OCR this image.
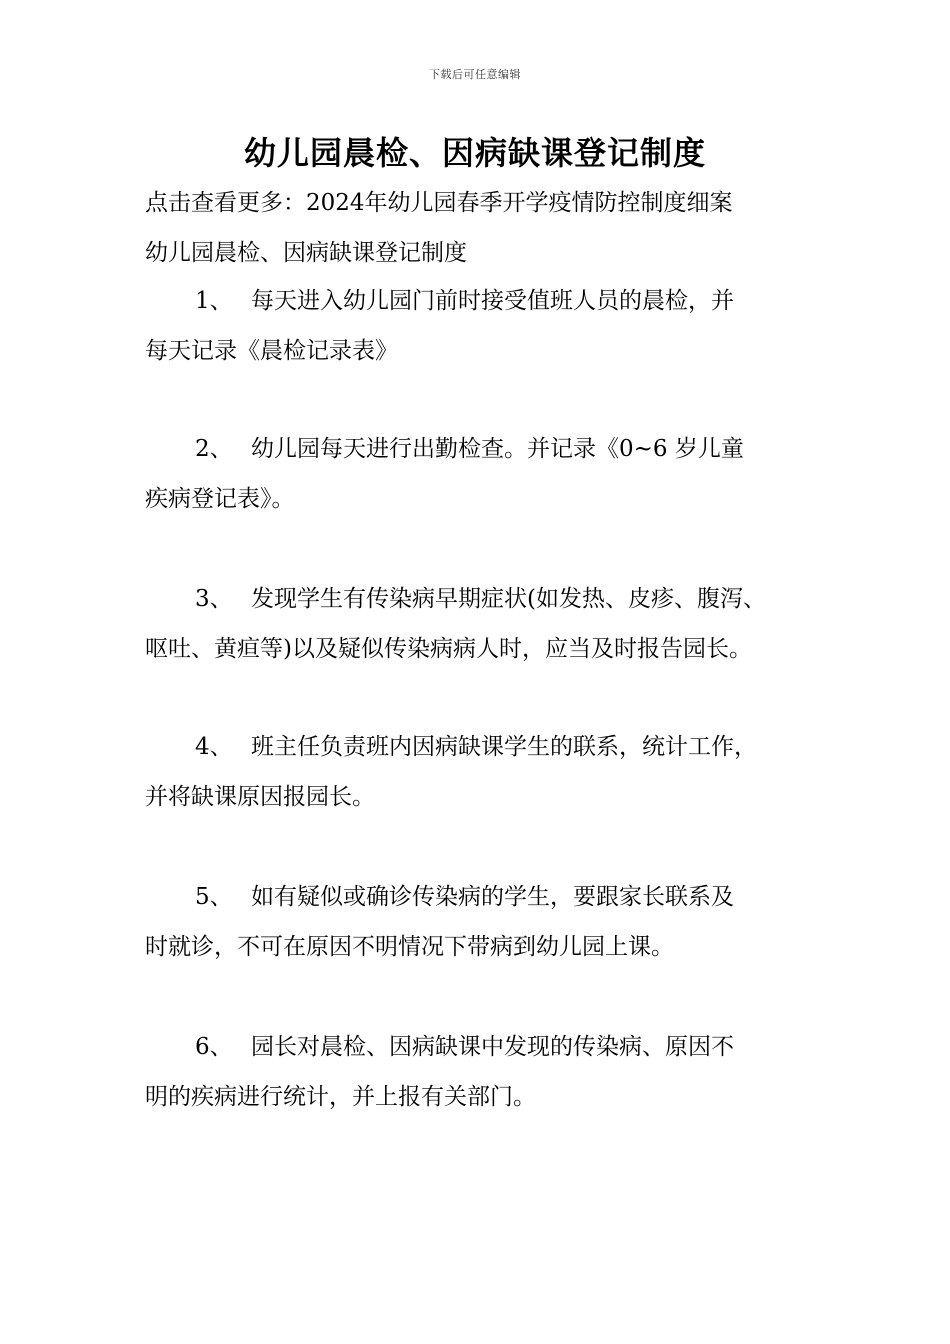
下载后可任意编辑
幼儿园晨检、因病缺课登记制度

点击查看更多：2024年幼儿园春季开学疫情防控制度细案

幼儿园晨检、因病缺课登记制度

1、 每天进入幼儿园门前时接受值班人员的晨检，并
每天记录《晨检记录表》
2、 幼儿园每天进行出勤检查。并记录《0~6 岁儿童
疾病登记表》。
3、 发现学生有传染病早期症状(如发热、皮疹、腹泻、
呕吐、黄疸等)以及疑似传染病病人时，应当及时报告园长。
4、 班主任负责班内因病缺课学生的联系，统计工作，
并将缺课原因报园长。
5、 如有疑似或确诊传染病的学生，要跟家长联系及
时就诊，不可在原因不明情况下带病到幼儿园上课。
6、 园长对晨检、因病缺课中发现的传染病、原因不
明的疾病进行统计，并上报有关部门。
